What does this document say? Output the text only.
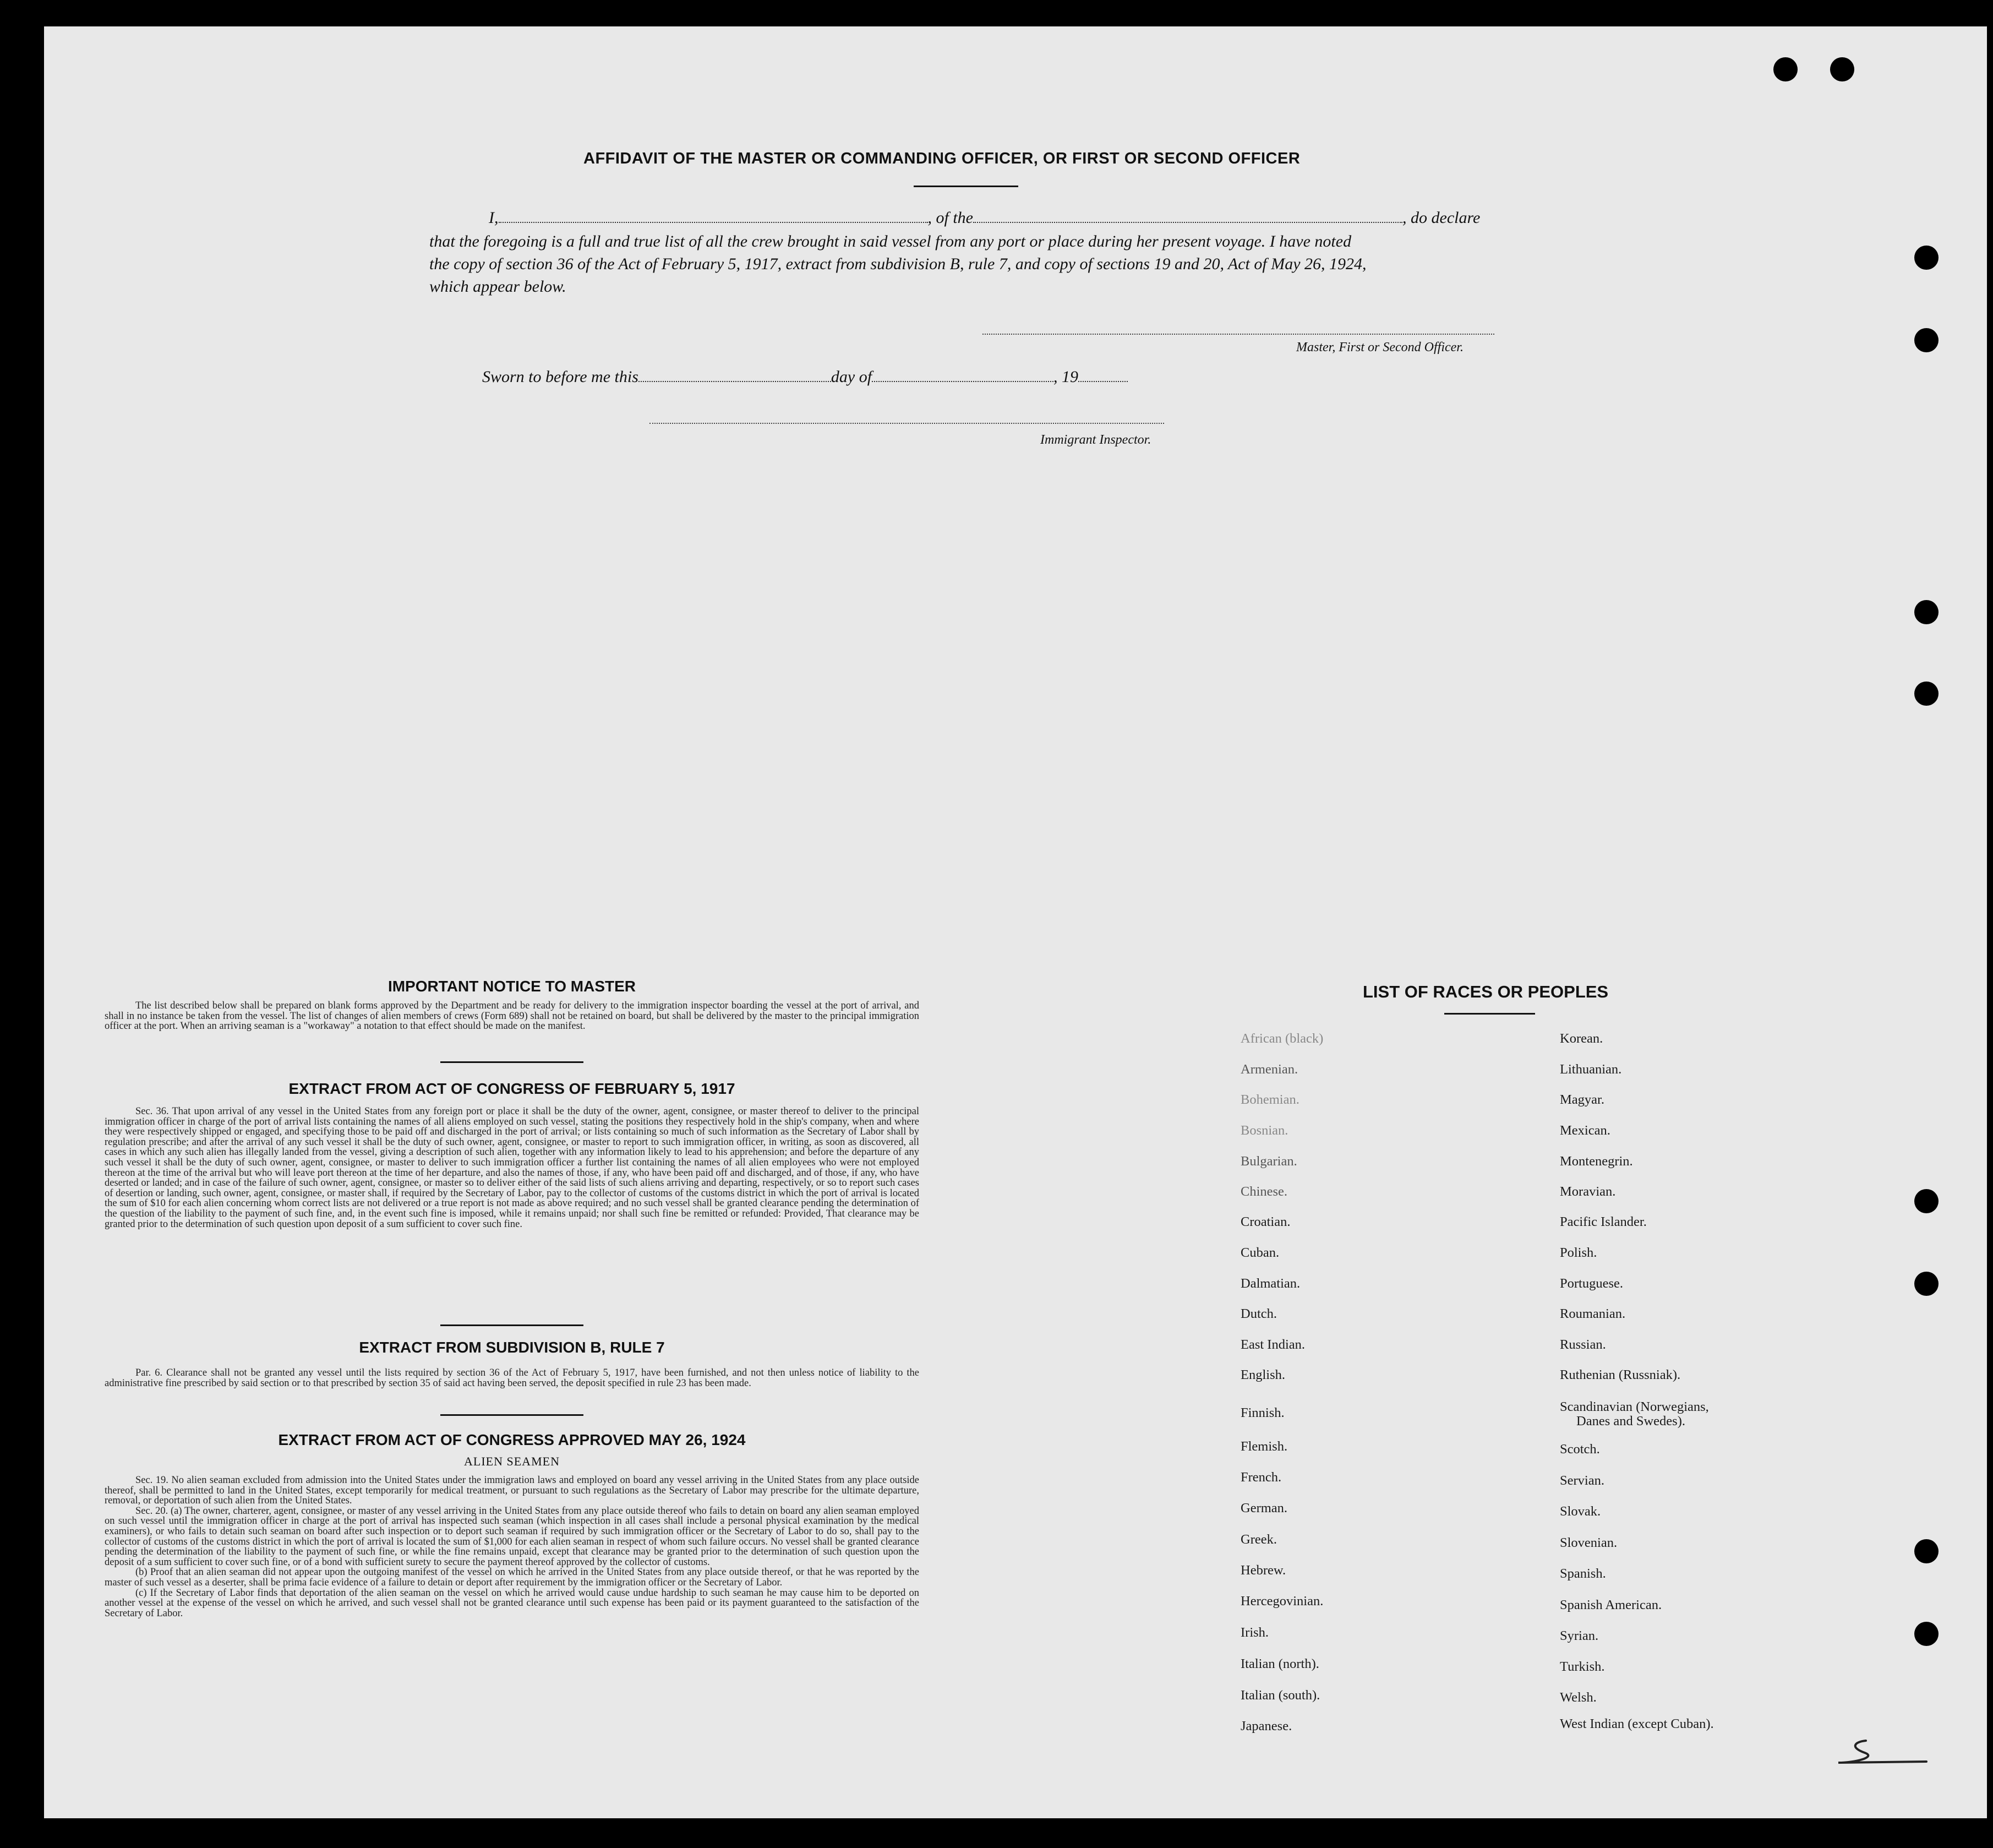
AFFIDAVIT OF THE MASTER OR COMMANDING OFFICER, OR FIRST OR SECOND OFFICER
I,	, of the	, do declare
that the foregoing is a full and true list of all the crew brought in said vessel from any port or place during her present voyage. I have noted
the copy of section 36 of the Act of February 5, 1917, extract from subdivision B, rule 7, and copy of sections 19 and 20, Act of May 26, 1924,
which appear below.
Master, First or Second Officer.
Sworn to before me this	day of	, 19
Immigrant Inspector.
IMPORTANT NOTICE TO MASTER

The list described below shall be prepared on blank forms approved by the Department and be ready for delivery to the immigration inspector boarding the vessel at the port of arrival, and shall in no instance be taken from the vessel. The list of changes of alien members of crews (Form 689) shall not be retained on board, but shall be delivered by the master to the principal immigration officer at the port. When an arriving seaman is a "workaway" a notation to that effect should be made on the manifest.

EXTRACT FROM ACT OF CONGRESS OF FEBRUARY 5, 1917

Sec. 36. That upon arrival of any vessel in the United States from any foreign port or place it shall be the duty of the owner, agent, consignee, or master thereof to deliver to the principal immigration officer in charge of the port of arrival lists containing the names of all aliens employed on such vessel, stating the positions they respectively hold in the ship's company, when and where they were respectively shipped or engaged, and specifying those to be paid off and discharged in the port of arrival; or lists containing so much of such information as the Secretary of Labor shall by regulation prescribe; and after the arrival of any such vessel it shall be the duty of such owner, agent, consignee, or master to report to such immigration officer, in writing, as soon as discovered, all cases in which any such alien has illegally landed from the vessel, giving a description of such alien, together with any information likely to lead to his apprehension; and before the departure of any such vessel it shall be the duty of such owner, agent, consignee, or master to deliver to such immigration officer a further list containing the names of all alien employees who were not employed thereon at the time of the arrival but who will leave port thereon at the time of her departure, and also the names of those, if any, who have been paid off and discharged, and of those, if any, who have deserted or landed; and in case of the failure of such owner, agent, consignee, or master so to deliver either of the said lists of such aliens arriving and departing, respectively, or so to report such cases of desertion or landing, such owner, agent, consignee, or master shall, if required by the Secretary of Labor, pay to the collector of customs of the customs district in which the port of arrival is located the sum of $10 for each alien concerning whom correct lists are not delivered or a true report is not made as above required; and no such vessel shall be granted clearance pending the determination of the question of the liability to the payment of such fine, and, in the event such fine is imposed, while it remains unpaid; nor shall such fine be remitted or refunded: Provided, That clearance may be granted prior to the determination of such question upon deposit of a sum sufficient to cover such fine.

EXTRACT FROM SUBDIVISION B, RULE 7

Par. 6. Clearance shall not be granted any vessel until the lists required by section 36 of the Act of February 5, 1917, have been furnished, and not then unless notice of liability to the administrative fine prescribed by said section or to that prescribed by section 35 of said act having been served, the deposit specified in rule 23 has been made.

EXTRACT FROM ACT OF CONGRESS APPROVED MAY 26, 1924
ALIEN SEAMEN

Sec. 19. No alien seaman excluded from admission into the United States under the immigration laws and employed on board any vessel arriving in the United States from any place outside thereof, shall be permitted to land in the United States, except temporarily for medical treatment, or pursuant to such regulations as the Secretary of Labor may prescribe for the ultimate departure, removal, or deportation of such alien from the United States.

Sec. 20. (a) The owner, charterer, agent, consignee, or master of any vessel arriving in the United States from any place outside thereof who fails to detain on board any alien seaman employed on such vessel until the immigration officer in charge at the port of arrival has inspected such seaman (which inspection in all cases shall include a personal physical examination by the medical examiners), or who fails to detain such seaman on board after such inspection or to deport such seaman if required by such immigration officer or the Secretary of Labor to do so, shall pay to the collector of customs of the customs district in which the port of arrival is located the sum of $1,000 for each alien seaman in respect of whom such failure occurs. No vessel shall be granted clearance pending the determination of the liability to the payment of such fine, or while the fine remains unpaid, except that clearance may be granted prior to the determination of such question upon the deposit of a sum sufficient to cover such fine, or of a bond with sufficient surety to secure the payment thereof approved by the collector of customs.

(b) Proof that an alien seaman did not appear upon the outgoing manifest of the vessel on which he arrived in the United States from any place outside thereof, or that he was reported by the master of such vessel as a deserter, shall be prima facie evidence of a failure to detain or deport after requirement by the immigration officer or the Secretary of Labor.

(c) If the Secretary of Labor finds that deportation of the alien seaman on the vessel on which he arrived would cause undue hardship to such seaman he may cause him to be deported on another vessel at the expense of the vessel on which he arrived, and such vessel shall not be granted clearance until such expense has been paid or its payment guaranteed to the satisfaction of the Secretary of Labor.

LIST OF RACES OR PEOPLES
African (black)
Armenian.
Bohemian.
Bosnian.
Bulgarian.
Chinese.
Croatian.
Cuban.
Dalmatian.
Dutch.
East Indian.
English.
Finnish.
Flemish.
French.
German.
Greek.
Hebrew.
Hercegovinian.
Irish.
Italian (north).
Italian (south).
Japanese.
Korean.
Lithuanian.
Magyar.
Mexican.
Montenegrin.
Moravian.
Pacific Islander.
Polish.
Portuguese.
Roumanian.
Russian.
Ruthenian (Russniak).
Scandinavian (Norwegians,
Danes and Swedes).
Scotch.
Servian.
Slovak.
Slovenian.
Spanish.
Spanish American.
Syrian.
Turkish.
Welsh.
West Indian (except Cuban).
